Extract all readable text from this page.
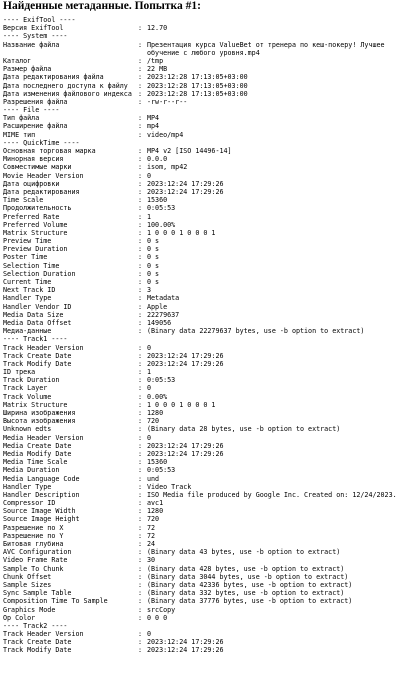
Найденные метаданные. Попытка #1:
---- ExifTool ----
Версия ExifTool	: 12.70
---- System ----
Название файла	: Презентация курса ValueBet от тренера по кеш-покеру! Лучшее обучение с любого уровня.mp4
Каталог	: /tmp
Размер файла	: 22 MB
Дата редактирования файла	: 2023:12:28 17:13:05+03:00
Дата последнего доступа к файлу : 2023:12:28 17:13:05+03:00
Дата изменения файлового индекса : 2023:12:28 17:13:05+03:00
Разрешения файла	: -rw-r--r--
---- File ----
Тип файла	: MP4
Расширение файла	: mp4
MIME тип	: video/mp4
---- QuickTime ----
Основная торговая марка	: MP4 v2 [ISO 14496-14]
Минорная версия	: 0.0.0
Совместимые марки	: isom, mp42
Movie Header Version	: 0
Дата оцифровки	: 2023:12:24 17:29:26
Дата редактирования	: 2023:12:24 17:29:26
Time Scale	: 15360
Продолжительность	: 0:05:53
Preferred Rate	: 1
Preferred Volume	: 100.00%
Matrix Structure	: 1 0 0 0 1 0 0 0 1
Preview Time	: 0 s
Preview Duration	: 0 s
Poster Time	: 0 s
Selection Time	: 0 s
Selection Duration	: 0 s
Current Time	: 0 s
Next Track ID	: 3
Handler Type	: Metadata
Handler Vendor ID	: Apple
Media Data Size	: 22279637
Media Data Offset	: 149056
Медиа-данные	: (Binary data 22279637 bytes, use -b option to extract)
---- Track1 ----
Track Header Version	: 0
Track Create Date	: 2023:12:24 17:29:26
Track Modify Date	: 2023:12:24 17:29:26
ID трека	: 1
Track Duration	: 0:05:53
Track Layer	: 0
Track Volume	: 0.00%
Matrix Structure	: 1 0 0 0 1 0 0 0 1
Ширина изображения	: 1280
Высота изображения	: 720
Unknown edts	: (Binary data 28 bytes, use -b option to extract)
Media Header Version	: 0
Media Create Date	: 2023:12:24 17:29:26
Media Modify Date	: 2023:12:24 17:29:26
Media Time Scale	: 15360
Media Duration	: 0:05:53
Media Language Code	: und
Handler Type	: Video Track
Handler Description	: ISO Media file produced by Google Inc. Created on: 12/24/2023.
Compressor ID	: avc1
Source Image Width	: 1280
Source Image Height	: 720
Разрешение по X	: 72
Разрешение по Y	: 72
Битовая глубина	: 24
AVC Configuration	: (Binary data 43 bytes, use -b option to extract)
Video Frame Rate	: 30
Sample To Chunk	: (Binary data 428 bytes, use -b option to extract)
Chunk Offset	: (Binary data 3044 bytes, use -b option to extract)
Sample Sizes	: (Binary data 42336 bytes, use -b option to extract)
Sync Sample Table	: (Binary data 332 bytes, use -b option to extract)
Composition Time To Sample	: (Binary data 37776 bytes, use -b option to extract)
Graphics Mode	: srcCopy
Op Color	: 0 0 0
---- Track2 ----
Track Header Version	: 0
Track Create Date	: 2023:12:24 17:29:26
Track Modify Date	: 2023:12:24 17:29:26
